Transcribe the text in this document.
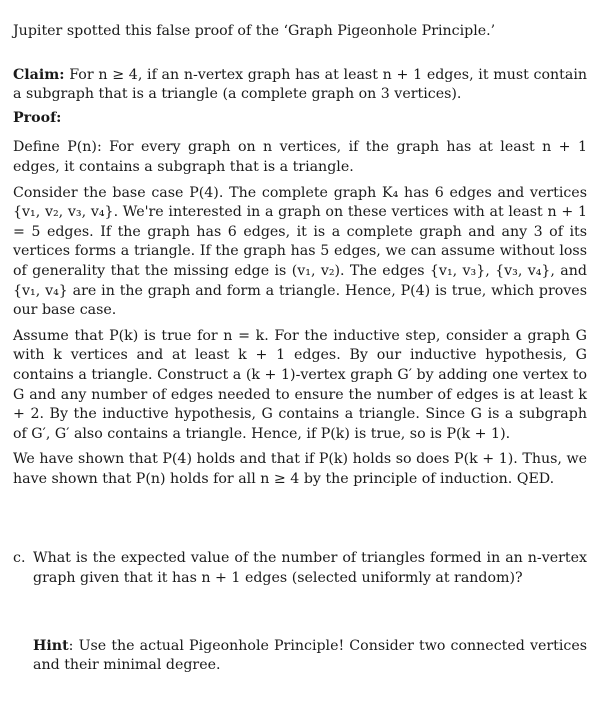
Jupiter spotted this false proof of the ‘Graph Pigeonhole Principle.’

Claim: For n ≥ 4, if an n-vertex graph has at least n + 1 edges, it must contain a subgraph that is a triangle (a complete graph on 3 vertices).

Proof:

Define P(n): For every graph on n vertices, if the graph has at least n + 1 edges, it contains a subgraph that is a triangle.

Consider the base case P(4). The complete graph K₄ has 6 edges and vertices {v₁, v₂, v₃, v₄}. We're interested in a graph on these vertices with at least n + 1 = 5 edges. If the graph has 6 edges, it is a complete graph and any 3 of its vertices forms a triangle. If the graph has 5 edges, we can assume without loss of generality that the missing edge is (v₁, v₂). The edges {v₁, v₃}, {v₃, v₄}, and {v₁, v₄} are in the graph and form a triangle. Hence, P(4) is true, which proves our base case.

Assume that P(k) is true for n = k. For the inductive step, consider a graph G with k vertices and at least k + 1 edges. By our inductive hypothesis, G contains a triangle. Construct a (k + 1)-vertex graph G′ by adding one vertex to G and any number of edges needed to ensure the number of edges is at least k + 2. By the inductive hypothesis, G contains a triangle. Since G is a subgraph of G′, G′ also contains a triangle. Hence, if P(k) is true, so is P(k + 1).

We have shown that P(4) holds and that if P(k) holds so does P(k + 1). Thus, we have shown that P(n) holds for all n ≥ 4 by the principle of induction. QED.

c. What is the expected value of the number of triangles formed in an n-vertex graph given that it has n + 1 edges (selected uniformly at random)?

Hint: Use the actual Pigeonhole Principle! Consider two connected vertices and their minimal degree.
